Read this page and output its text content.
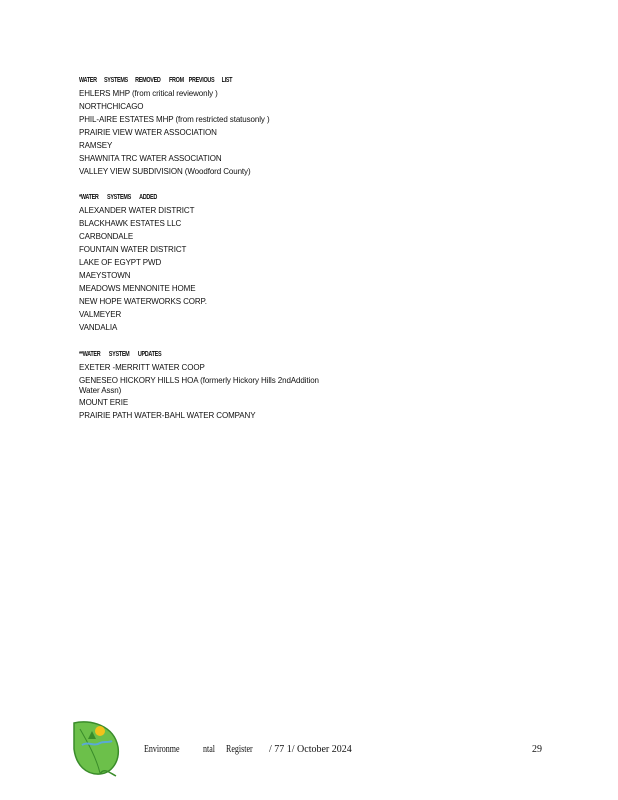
WATER      SYSTEMS      REMOVED       FROM    PREVIOUS      LIST
EHLERS MHP (from critical reviewonly )
NORTHCHICAGO
PHIL-AIRE ESTATES MHP (from restricted statusonly )
PRAIRIE VIEW WATER ASSOCIATION
RAMSEY
SHAWNITA TRC WATER ASSOCIATION
VALLEY VIEW SUBDIVISION (Woodford County)
*WATER       SYSTEMS       ADDED
ALEXANDER WATER DISTRICT
BLACKHAWK ESTATES LLC
CARBONDALE
FOUNTAIN WATER DISTRICT
LAKE OF EGYPT PWD
MAEYSTOWN
MEADOWS MENNONITE HOME
NEW HOPE WATERWORKS CORP.
VALMEYER
VANDALIA
**WATER       SYSTEM       UPDATES
EXETER -MERRITT WATER COOP
GENESEO HICKORY HILLS HOA (formerly Hickory Hills 2ndAddition Water Assn)
MOUNT ERIE
PRAIRIE PATH WATER-BAHL WATER COMPANY
Environme ntal Register / 77 1/ October 2024	29
